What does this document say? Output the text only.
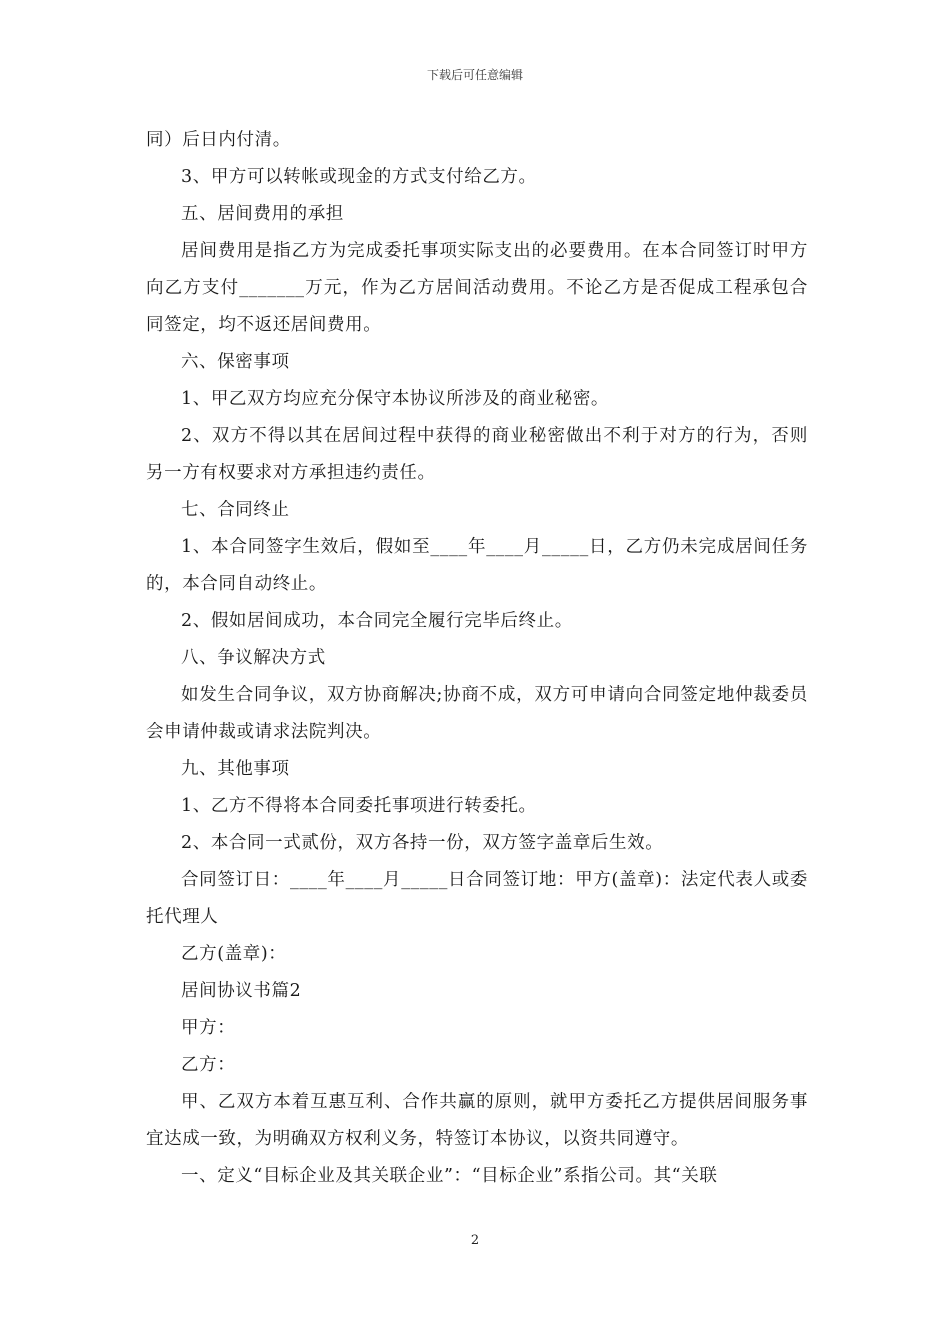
下载后可任意编辑

同）后日内付清。

3、甲方可以转帐或现金的方式支付给乙方。

五、居间费用的承担

居间费用是指乙方为完成委托事项实际支出的必要费用。在本合同签订时甲方向乙方支付_______万元，作为乙方居间活动费用。不论乙方是否促成工程承包合同签定，均不返还居间费用。

六、保密事项

1、甲乙双方均应充分保守本协议所涉及的商业秘密。

2、双方不得以其在居间过程中获得的商业秘密做出不利于对方的行为，否则另一方有权要求对方承担违约责任。

七、合同终止

1、本合同签字生效后，假如至____年____月_____日，乙方仍未完成居间任务的，本合同自动终止。

2、假如居间成功，本合同完全履行完毕后终止。

八、争议解决方式

如发生合同争议，双方协商解决;协商不成，双方可申请向合同签定地仲裁委员会申请仲裁或请求法院判决。

九、其他事项

1、乙方不得将本合同委托事项进行转委托。

2、本合同一式贰份，双方各持一份，双方签字盖章后生效。

合同签订日：____年____月_____日合同签订地：甲方(盖章)：法定代表人或委托代理人

乙方(盖章)：

居间协议书篇2

甲方：

乙方：

甲、乙双方本着互惠互利、合作共赢的原则，就甲方委托乙方提供居间服务事宜达成一致，为明确双方权利义务，特签订本协议，以资共同遵守。

一、定义“目标企业及其关联企业”：“目标企业”系指公司。其“关联

2
